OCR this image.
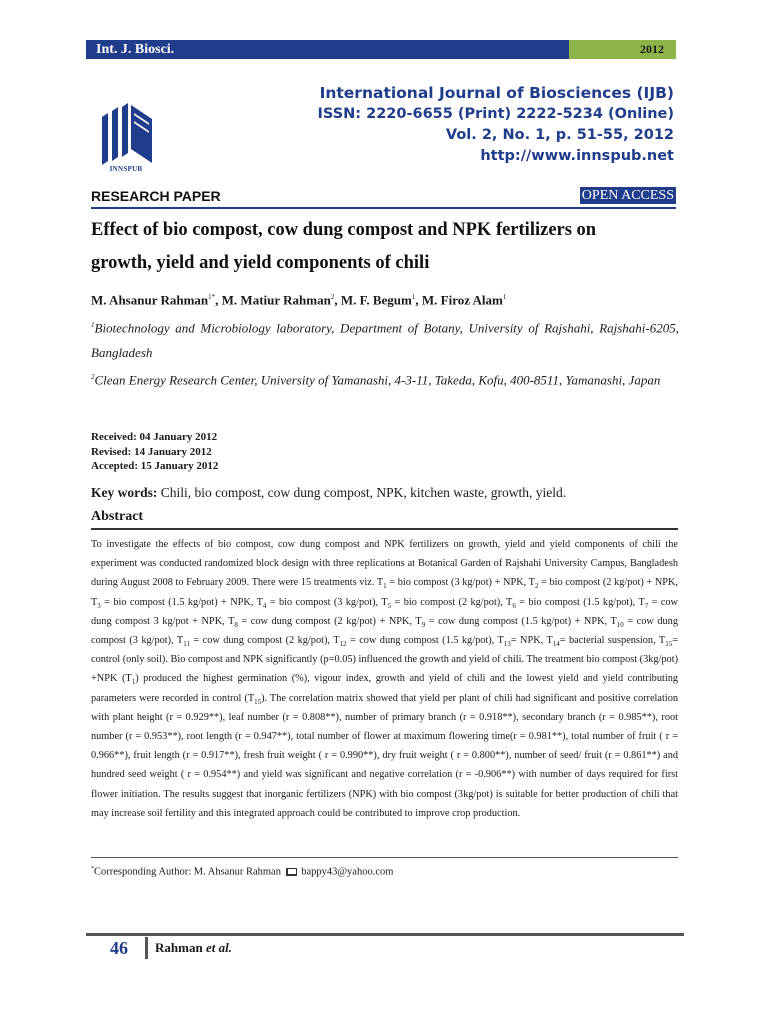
Int. J. Biosci.	2012
INNSPUB
International Journal of Biosciences (IJB)
ISSN: 2220-6655 (Print) 2222-5234 (Online)
Vol. 2, No. 1, p. 51-55, 2012
http://www.innspub.net
RESEARCH PAPER	OPEN ACCESS
Effect of bio compost, cow dung compost and NPK fertilizers on
growth, yield and yield components of chili
M. Ahsanur Rahman$^{1*}$, M. Matiur Rahman$^2$, M. F. Begum$^1$, M. Firoz Alam$^1$
$^1$Biotechnology and Microbiology laboratory, Department of Botany, University of Rajshahi, Rajshahi-6205, Bangladesh
$^2$Clean Energy Research Center, University of Yamanashi, 4-3-11, Takeda, Kofu, 400-8511, Yamanashi, Japan
Received: 04 January 2012
Revised: 14 January 2012
Accepted: 15 January 2012
Key words: Chili, bio compost, cow dung compost, NPK, kitchen waste, growth, yield.
Abstract
To investigate the effects of bio compost, cow dung compost and NPK fertilizers on growth, yield and yield components of chili the experiment was conducted randomized block design with three replications at Botanical Garden of Rajshahi University Campus, Bangladesh during August 2008 to February 2009. There were 15 treatments viz. $T_1$ = bio compost (3 kg/pot) + NPK, $T_2$ = bio compost (2 kg/pot) + NPK, $T_3$ = bio compost (1.5 kg/pot) + NPK, $T_4$ = bio compost (3 kg/pot), $T_5$ = bio compost (2 kg/pot), $T_6$ = bio compost (1.5 kg/pot), $T_7$ = cow dung compost 3 kg/pot + NPK, $T_8$ = cow dung compost (2 kg/pot) + NPK, $T_9$ = cow dung compost (1.5 kg/pot) + NPK, $T_{10}$ = cow dung compost (3 kg/pot), $T_{11}$ = cow dung compost (2 kg/pot), $T_{12}$ = cow dung compost (1.5 kg/pot), $T_{13}=$ NPK, $T_{14}=$ bacterial suspension, $T_{15}=$ control (only soil). Bio compost and NPK significantly (p=0.05) influenced the growth and yield of chili. The treatment bio compost (3kg/pot) +NPK $(T_1)$ produced the highest germination (%), vigour index, growth and yield of chili and the lowest yield and yield contributing parameters were recorded in control $(T_{15})$. The correlation matrix showed that yield per plant of chili had significant and positive correlation with plant height (r = 0.929**), leaf number (r = 0.808**), number of primary branch (r = 0.918**), secondary branch (r = 0.985**), root number (r = 0.953**), root length (r = 0.947**), total number of flower at maximum flowering time(r = 0.981**), total number of fruit ( r = 0.966**), fruit length (r = 0.917**), fresh fruit weight ( r = 0.990**), dry fruit weight ( r = 0.800**), number of seed/ fruit (r = 0.861**) and hundred seed weight ( r = 0.954**) and yield was significant and negative correlation (r = -0.906**) with number of days required for first flower initiation. The results suggest that inorganic fertilizers (NPK) with bio compost (3kg/pot) is suitable for better production of chili that may increase soil fertility and this integrated approach could be contributed to improve crop production.
*Corresponding Author: M. Ahsanur Rahman bappy43@yahoo.com
46 Rahman et al.
